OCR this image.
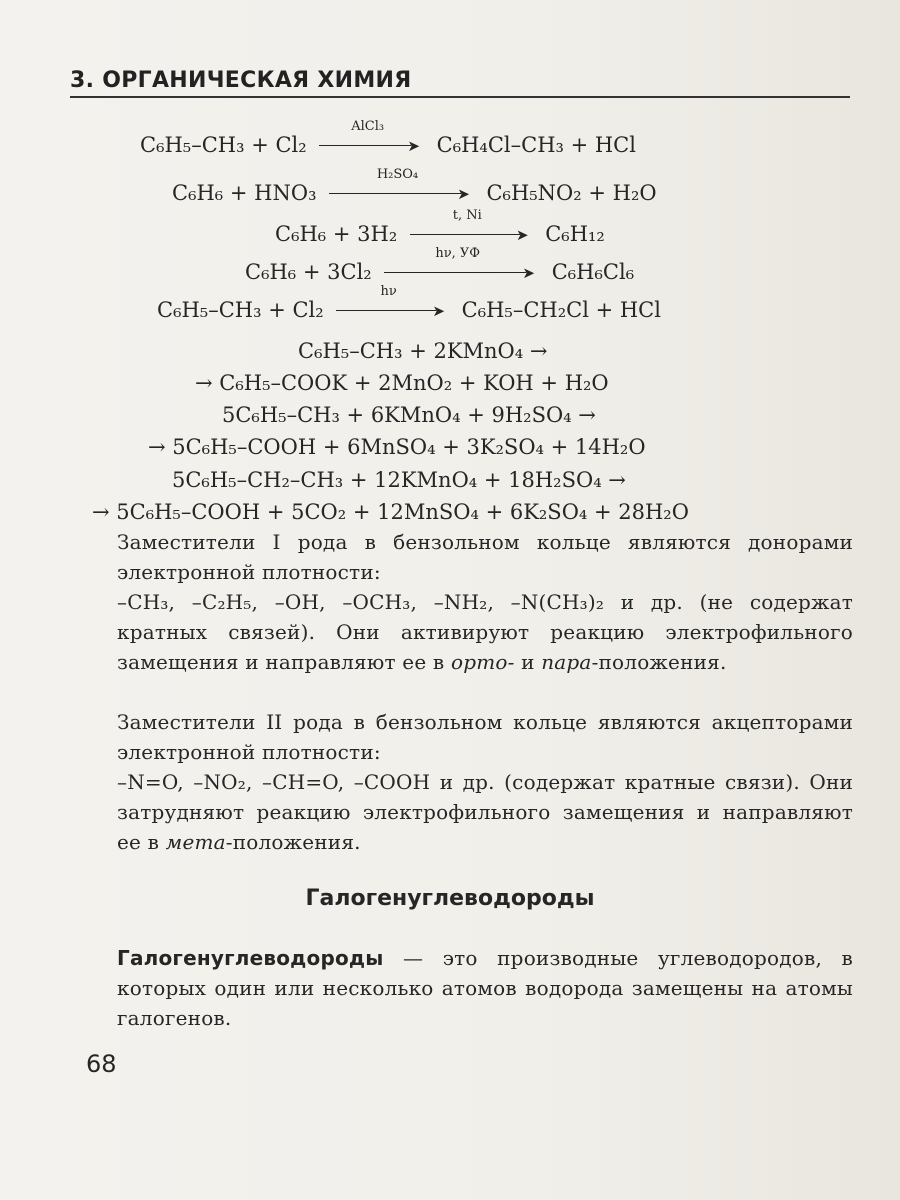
3. ОРГАНИЧЕСКАЯ ХИМИЯ
C₆H₅–CH₃ + Cl₂
AlCl₃
➤ C₆H₄Cl–CH₃ + HCl
C₆H₆ + HNO₃
H₂SO₄
➤ C₆H₅NO₂ + H₂O
C₆H₆ + 3H₂
t, Ni
➤ C₆H₁₂
C₆H₆ + 3Cl₂
hν, УФ
➤ C₆H₆Cl₆
C₆H₅–CH₃ + Cl₂
hν
➤ C₆H₅–CH₂Cl + HCl
C₆H₅–CH₃ + 2KMnO₄ →
→ C₆H₅–COOK + 2MnO₂ + KOH + H₂O
5C₆H₅–CH₃ + 6KMnO₄ + 9H₂SO₄ →
→ 5C₆H₅–COOH + 6MnSO₄ + 3K₂SO₄ + 14H₂O
5C₆H₅–CH₂–CH₃ + 12KMnO₄ + 18H₂SO₄ →
→ 5C₆H₅–COOH + 5CO₂ + 12MnSO₄ + 6K₂SO₄ + 28H₂O
Заместители I рода в бензольном кольце являются донорами электронной плотности:
–CH₃, –C₂H₅, –OH, –OCH₃, –NH₂, –N(CH₃)₂ и др. (не содержат кратных связей). Они активируют реакцию электрофильного замещения и направляют ее в орто- и пара-положения.
Заместители II рода в бензольном кольце являются акцепторами электронной плотности:
–N=O, –NO₂, –CH=O, –COOH и др. (содержат кратные связи). Они затрудняют реакцию электрофильного замещения и направляют ее в мета-положения.
Галогенуглеводороды
Галогенуглеводороды — это производные углеводородов, в которых один или несколько атомов водорода замещены на атомы галогенов.
68
